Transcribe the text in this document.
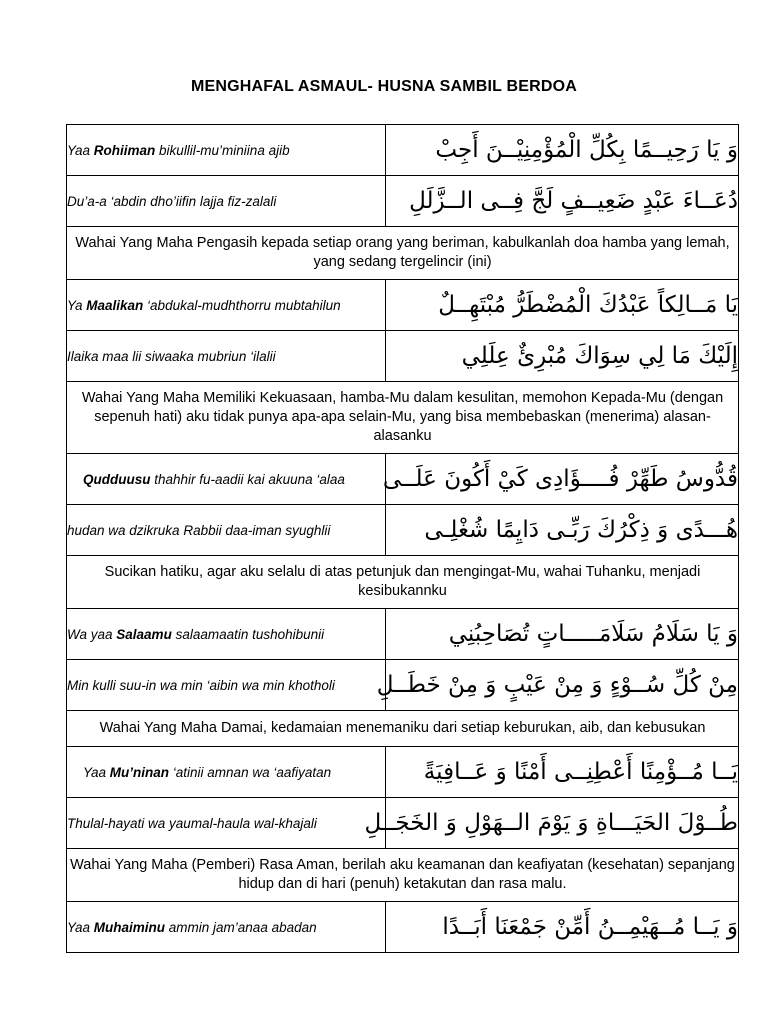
MENGHAFAL ASMAUL- HUSNA SAMBIL BERDOA
Yaa Rohiiman bikullil-mu’miniina ajib	وَ يَا رَحِيــمًا بِكُلِّ الْمُؤْمِنِيْــنَ أَجِبْ
Du’a-a ‘abdin dho’iifin lajja fiz-zalali	دُعَــاءَ عَبْدٍ ضَعِيــفٍ لَجَّ فِــى الــزَّلَلِ
Wahai Yang Maha Pengasih kepada setiap orang yang beriman, kabulkanlah doa hamba yang lemah, yang sedang tergelincir (ini)	
Ya Maalikan ‘abdukal-mudhthorru mubtahilun	يَا مَــالِكاً عَبْدُكَ الْمُضْطَرُّ مُبْتَهِــلٌ
Ilaika maa lii siwaaka mubriun ‘ilalii	إِلَيْكَ مَا لِي سِوَاكَ مُبْرِئٌ عِلَلِي
Wahai Yang Maha Memiliki Kekuasaan, hamba-Mu dalam kesulitan, memohon Kepada-Mu (dengan sepenuh hati) aku tidak punya apa-apa selain-Mu, yang bisa membebaskan (menerima) alasan-alasanku	
Qudduusu thahhir fu-aadii kai akuuna ‘alaa	قُدُّوسُ طَهِّرْ فُــــؤَادِى كَيْ أَكُونَ عَلَــى
hudan wa dzikruka Rabbii daa-iman syughlii	هُـــدًى وَ ذِكْرُكَ رَبِّـى دَايِمًا شُغْلِـى
Sucikan hatiku, agar aku selalu di atas petunjuk dan mengingat-Mu, wahai Tuhanku, menjadi kesibukannku	
Wa yaa Salaamu salaamaatin tushohibunii	وَ يَا سَلَامُ سَلَامَـــــاتٍ تُصَاحِبُنِي
Min kulli suu-in wa min ‘aibin wa min khotholi	مِنْ كُلِّ سُــوْءٍ وَ مِنْ عَيْبٍ وَ مِنْ خَطَــلِ
Wahai Yang Maha Damai, kedamaian menemaniku dari setiap keburukan, aib, dan kebusukan	
Yaa Mu’ninan ‘atinii amnan wa ‘aafiyatan	يَــا مُــؤْمِنًا أَعْطِنِــى أَمْنًا وَ عَــافِيَةً
Thulal-hayati wa yaumal-haula wal-khajali	طُــوْلَ الحَيَـــاةِ وَ يَوْمَ الــهَوْلِ وَ الخَجَــلِ
Wahai Yang Maha (Pemberi) Rasa Aman, berilah aku keamanan dan keafiyatan (kesehatan) sepanjang hidup dan di hari (penuh) ketakutan dan rasa malu.	
Yaa Muhaiminu ammin jam’anaa abadan	وَ يَــا مُــهَيْمِــنُ أَمِّنْ جَمْعَنَا أَبَــدًا
